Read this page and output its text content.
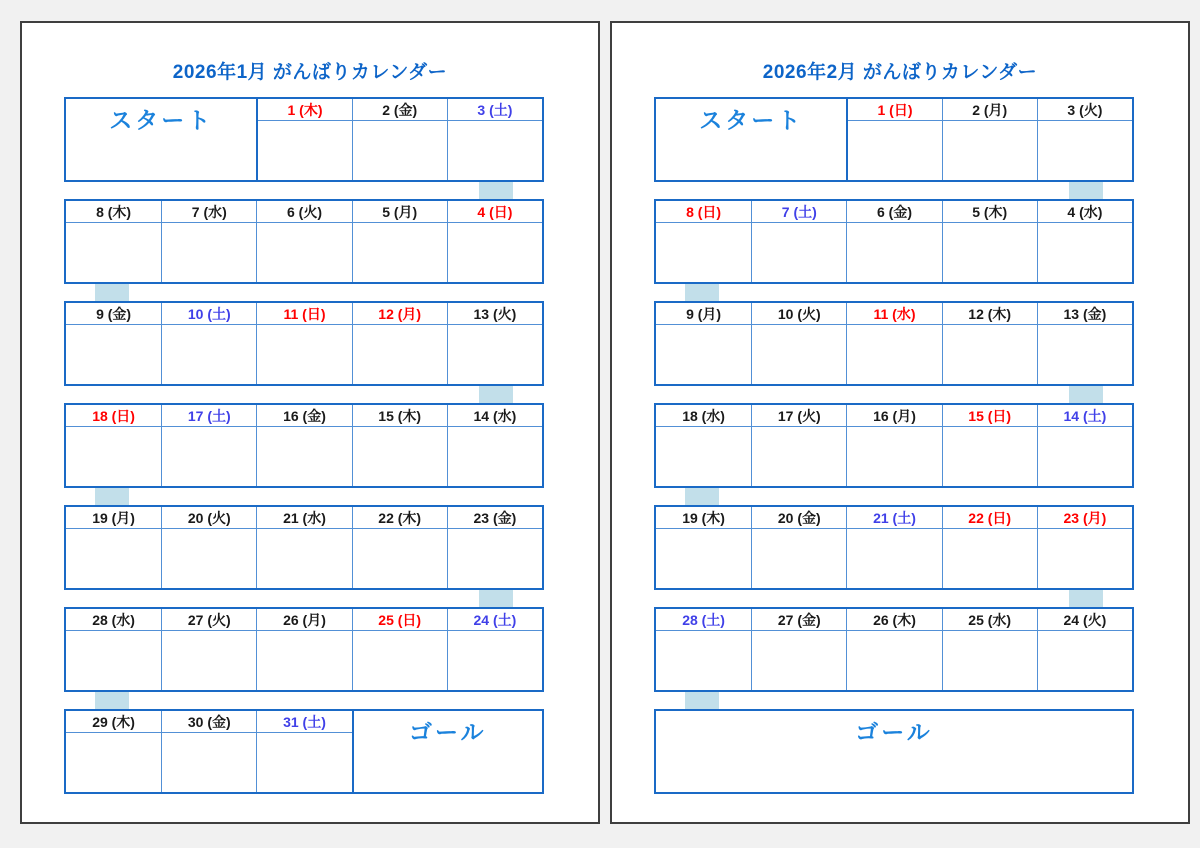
2026年1月 がんばりカレンダー
スタート	1 (木)	2 (金)	3 (土)
8 (木)	7 (水)	6 (火)	5 (月)	4 (日)
9 (金)	10 (土)	11 (日)	12 (月)	13 (火)
18 (日)	17 (土)	16 (金)	15 (木)	14 (水)
19 (月)	20 (火)	21 (水)	22 (木)	23 (金)
28 (水)	27 (火)	26 (月)	25 (日)	24 (土)
29 (木)	30 (金)	31 (土)	ゴール
2026年2月 がんばりカレンダー
スタート	1 (日)	2 (月)	3 (火)
8 (日)	7 (土)	6 (金)	5 (木)	4 (水)
9 (月)	10 (火)	11 (水)	12 (木)	13 (金)
18 (水)	17 (火)	16 (月)	15 (日)	14 (土)
19 (木)	20 (金)	21 (土)	22 (日)	23 (月)
28 (土)	27 (金)	26 (木)	25 (水)	24 (火)
ゴール
